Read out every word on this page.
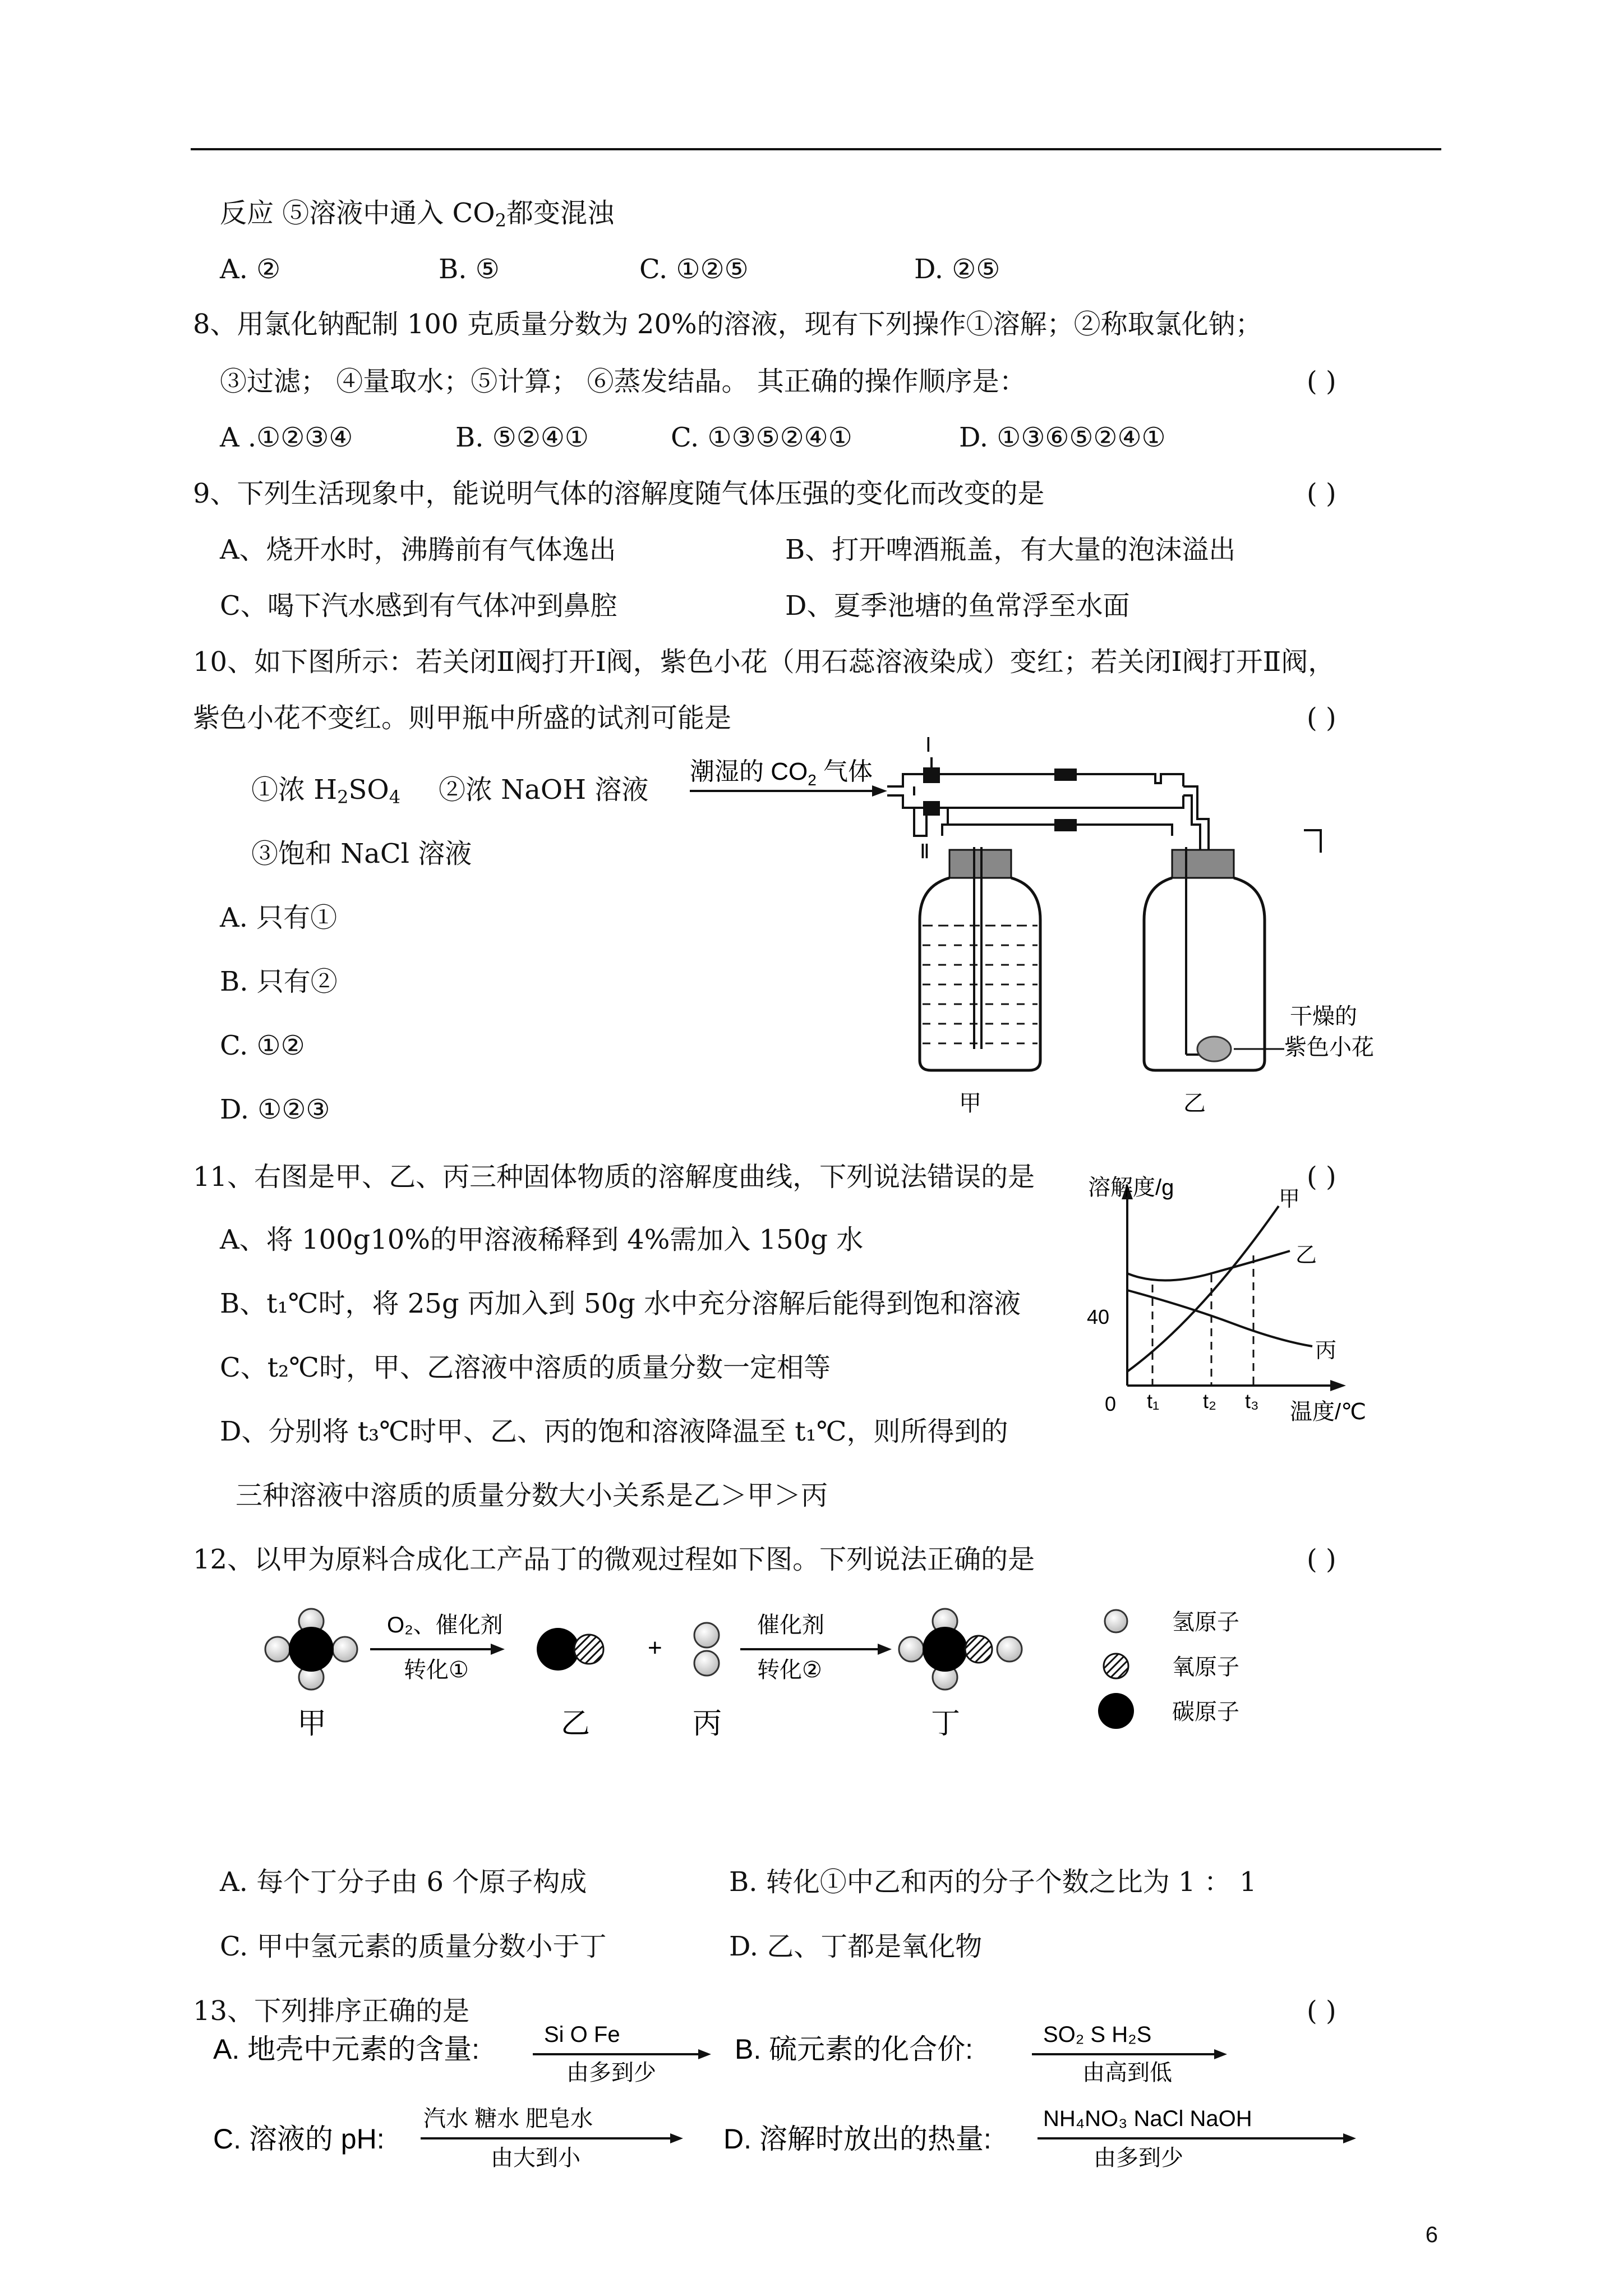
反应 ⑤溶液中通入 $CO_2$都变混浊
A. ②	B. ⑤	C. ①②⑤	D. ②⑤
8、用氯化钠配制 100 克质量分数为 20%的溶液，现有下列操作①溶解；②称取氯化钠；
③过滤； ④量取水；⑤计算； ⑥蒸发结晶。 其正确的操作顺序是：	( )
A .①②③④	B. ⑤②④①	C. ①③⑤②④①	D. ①③⑥⑤②④①
9、下列生活现象中，能说明气体的溶解度随气体压强的变化而改变的是	( )
A、烧开水时，沸腾前有气体逸出	B、打开啤酒瓶盖，有大量的泡沫溢出
C、喝下汽水感到有气体冲到鼻腔	D、夏季池塘的鱼常浮至水面
10、如下图所示：若关闭Ⅱ阀打开Ⅰ阀，紫色小花（用石蕊溶液染成）变红；若关闭Ⅰ阀打开Ⅱ阀，
紫色小花不变红。则甲瓶中所盛的试剂可能是	( )
①浓 $H_2SO_4$ ②浓 NaOH 溶液
③饱和 NaCl 溶液
A. 只有①
B. 只有②
C. ①②
D. ①②③
潮湿的 $CO_2$ 气体
Ⅰ
Ⅱ
甲	乙
干燥的
紫色小花
11、右图是甲、乙、丙三种固体物质的溶解度曲线，下列说法错误的是	( )
A、将 100g10%的甲溶液稀释到 4%需加入 150g 水
B、t₁℃时，将 25g 丙加入到 50g 水中充分溶解后能得到饱和溶液
C、t₂℃时，甲、乙溶液中溶质的质量分数一定相等
D、分别将 t₃℃时甲、乙、丙的饱和溶液降温至 t₁℃，则所得到的
三种溶液中溶质的质量分数大小关系是乙＞甲＞丙
溶解度/g
温度/℃
0
40
t₁ t₂ t₃
甲
乙
丙
12、以甲为原料合成化工产品丁的微观过程如下图。下列说法正确的是	( )
甲
O₂、催化剂
转化①
乙
+
丙
催化剂
转化②
丁
氢原子
氧原子
碳原子
A. 每个丁分子由 6 个原子构成	B. 转化①中乙和丙的分子个数之比为 1 ： 1
C. 甲中氢元素的质量分数小于丁	D. 乙、丁都是氧化物
13、下列排序正确的是	( )
A. 地壳中元素的含量:	Si O Fe
由多到少
B. 硫元素的化合价:	SO₂ S H₂S
由高到低
C. 溶液的 pH:
汽水 糖水 肥皂水
由大到小
D. 溶解时放出的热量:
NH₄NO₃ NaCl NaOH
由多到少
6
